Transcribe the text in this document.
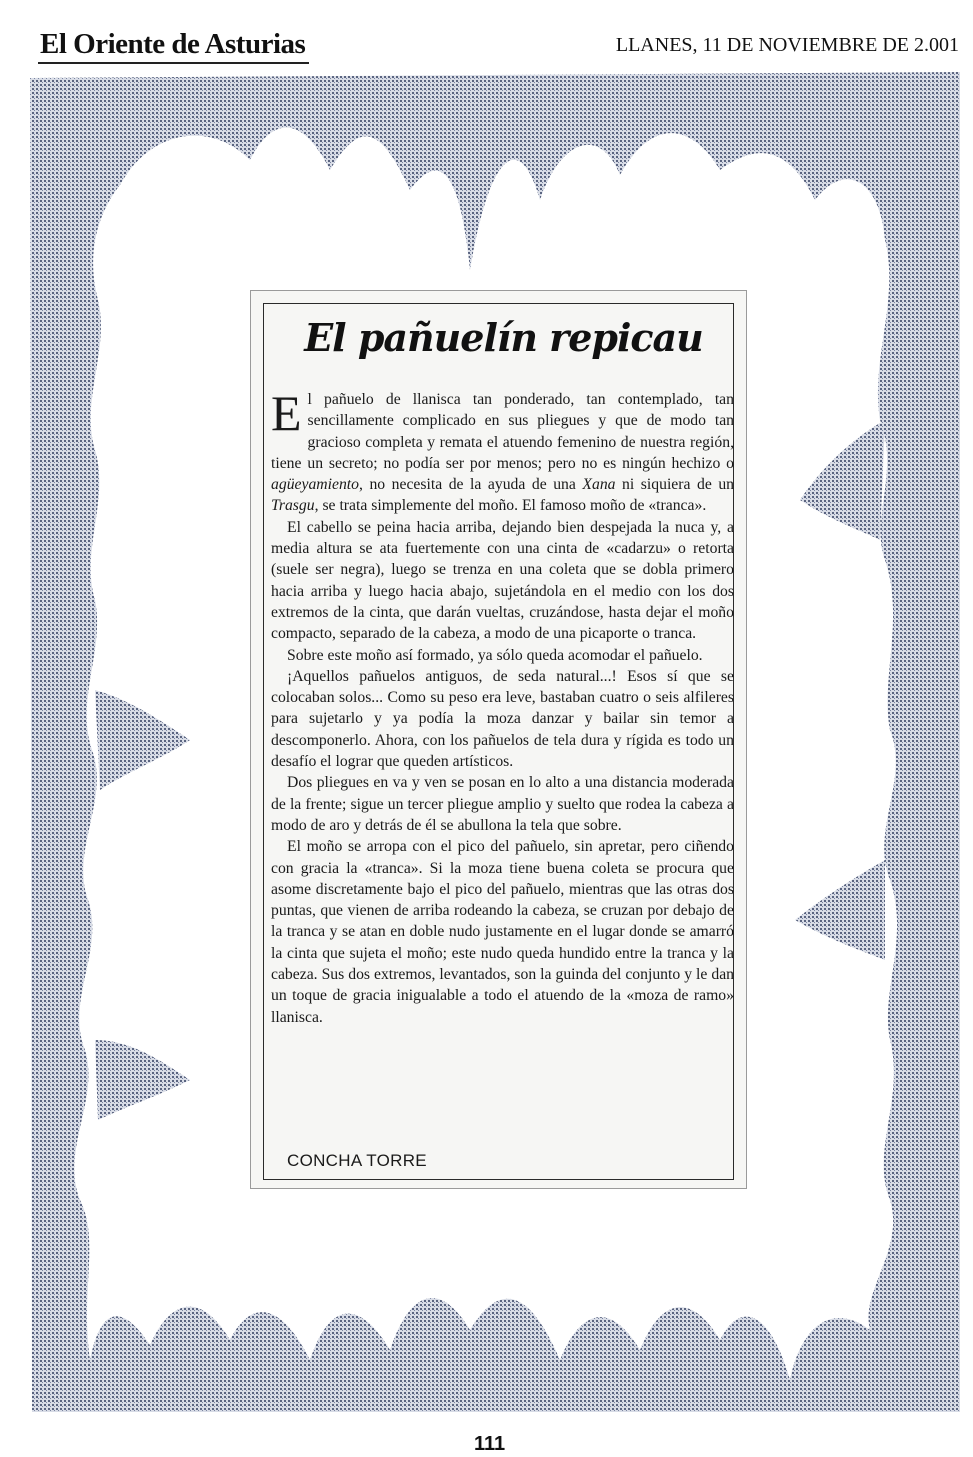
El Oriente de Asturias	LLANES, 11 DE NOVIEMBRE DE 2.001
El pañuelín repicau

El pañuelo de llanisca tan ponderado, tan contemplado, tan sencillamente complicado en sus pliegues y que de modo tan gracioso completa y remata el atuendo femenino de nuestra región, tiene un secreto; no podía ser por menos; pero no es ningún hechizo o agüeyamiento, no necesita de la ayuda de una Xana ni siquiera de un Trasgu, se trata simplemente del moño. El famoso moño de «tranca».

El cabello se peina hacia arriba, dejando bien despejada la nuca y, a media altura se ata fuertemente con una cinta de «cadarzu» o retorta (suele ser negra), luego se trenza en una coleta que se dobla primero hacia arriba y luego hacia abajo, sujetándola en el medio con los dos extremos de la cinta, que darán vueltas, cruzándose, hasta dejar el moño compacto, separado de la cabeza, a modo de una picaporte o tranca.

Sobre este moño así formado, ya sólo queda acomodar el pañuelo.

¡Aquellos pañuelos antiguos, de seda natural...! Esos sí que se colocaban solos... Como su peso era leve, bastaban cuatro o seis alfileres para sujetarlo y ya podía la moza danzar y bailar sin temor a descomponerlo. Ahora, con los pañuelos de tela dura y rígida es todo un desafío el lograr que queden artísticos.

Dos pliegues en va y ven se posan en lo alto a una distancia moderada de la frente; sigue un tercer pliegue amplio y suelto que rodea la cabeza a modo de aro y detrás de él se abullona la tela que sobre.

El moño se arropa con el pico del pañuelo, sin apretar, pero ciñendo con gracia la «tranca». Si la moza tiene buena coleta se procura que asome discretamente bajo el pico del pañuelo, mientras que las otras dos puntas, que vienen de arriba rodeando la cabeza, se cruzan por debajo de la tranca y se atan en doble nudo justamente en el lugar donde se amarró la cinta que sujeta el moño; este nudo queda hundido entre la tranca y la cabeza. Sus dos extremos, levantados, son la guinda del conjunto y le dan un toque de gracia inigualable a todo el atuendo de la «moza de ramo» llanisca.

CONCHA TORRE
111
